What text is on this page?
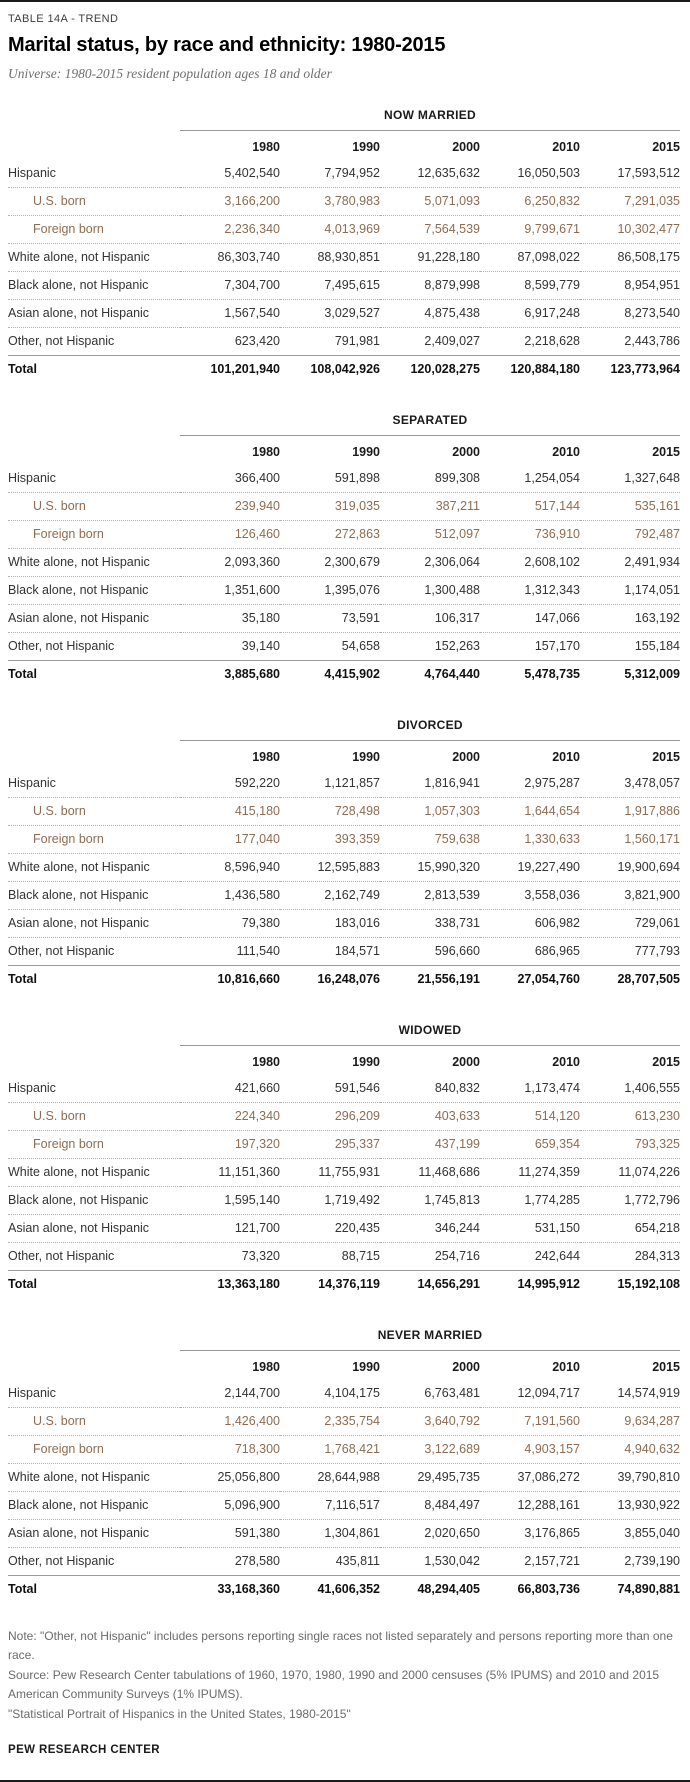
TABLE 14A - TREND
Marital status, by race and ethnicity: 1980-2015
Universe: 1980-2015 resident population ages 18 and older
	NOW MARRIED				
	1980	1990	2000	2010	2015
Hispanic	5,402,540	7,794,952	12,635,632	16,050,503	17,593,512
U.S. born	3,166,200	3,780,983	5,071,093	6,250,832	7,291,035
Foreign born	2,236,340	4,013,969	7,564,539	9,799,671	10,302,477
White alone, not Hispanic	86,303,740	88,930,851	91,228,180	87,098,022	86,508,175
Black alone, not Hispanic	7,304,700	7,495,615	8,879,998	8,599,779	8,954,951
Asian alone, not Hispanic	1,567,540	3,029,527	4,875,438	6,917,248	8,273,540
Other, not Hispanic	623,420	791,981	2,409,027	2,218,628	2,443,786
Total	101,201,940	108,042,926	120,028,275	120,884,180	123,773,964
	SEPARATED				
	1980	1990	2000	2010	2015
Hispanic	366,400	591,898	899,308	1,254,054	1,327,648
U.S. born	239,940	319,035	387,211	517,144	535,161
Foreign born	126,460	272,863	512,097	736,910	792,487
White alone, not Hispanic	2,093,360	2,300,679	2,306,064	2,608,102	2,491,934
Black alone, not Hispanic	1,351,600	1,395,076	1,300,488	1,312,343	1,174,051
Asian alone, not Hispanic	35,180	73,591	106,317	147,066	163,192
Other, not Hispanic	39,140	54,658	152,263	157,170	155,184
Total	3,885,680	4,415,902	4,764,440	5,478,735	5,312,009
	DIVORCED				
	1980	1990	2000	2010	2015
Hispanic	592,220	1,121,857	1,816,941	2,975,287	3,478,057
U.S. born	415,180	728,498	1,057,303	1,644,654	1,917,886
Foreign born	177,040	393,359	759,638	1,330,633	1,560,171
White alone, not Hispanic	8,596,940	12,595,883	15,990,320	19,227,490	19,900,694
Black alone, not Hispanic	1,436,580	2,162,749	2,813,539	3,558,036	3,821,900
Asian alone, not Hispanic	79,380	183,016	338,731	606,982	729,061
Other, not Hispanic	111,540	184,571	596,660	686,965	777,793
Total	10,816,660	16,248,076	21,556,191	27,054,760	28,707,505
	WIDOWED				
	1980	1990	2000	2010	2015
Hispanic	421,660	591,546	840,832	1,173,474	1,406,555
U.S. born	224,340	296,209	403,633	514,120	613,230
Foreign born	197,320	295,337	437,199	659,354	793,325
White alone, not Hispanic	11,151,360	11,755,931	11,468,686	11,274,359	11,074,226
Black alone, not Hispanic	1,595,140	1,719,492	1,745,813	1,774,285	1,772,796
Asian alone, not Hispanic	121,700	220,435	346,244	531,150	654,218
Other, not Hispanic	73,320	88,715	254,716	242,644	284,313
Total	13,363,180	14,376,119	14,656,291	14,995,912	15,192,108
	NEVER MARRIED				
	1980	1990	2000	2010	2015
Hispanic	2,144,700	4,104,175	6,763,481	12,094,717	14,574,919
U.S. born	1,426,400	2,335,754	3,640,792	7,191,560	9,634,287
Foreign born	718,300	1,768,421	3,122,689	4,903,157	4,940,632
White alone, not Hispanic	25,056,800	28,644,988	29,495,735	37,086,272	39,790,810
Black alone, not Hispanic	5,096,900	7,116,517	8,484,497	12,288,161	13,930,922
Asian alone, not Hispanic	591,380	1,304,861	2,020,650	3,176,865	3,855,040
Other, not Hispanic	278,580	435,811	1,530,042	2,157,721	2,739,190
Total	33,168,360	41,606,352	48,294,405	66,803,736	74,890,881

Note: "Other, not Hispanic" includes persons reporting single races not listed separately and persons reporting more than one race.

Source: Pew Research Center tabulations of 1960, 1970, 1980, 1990 and 2000 censuses (5% IPUMS) and 2010 and 2015 American Community Surveys (1% IPUMS).

"Statistical Portrait of Hispanics in the United States, 1980-2015"

PEW RESEARCH CENTER
